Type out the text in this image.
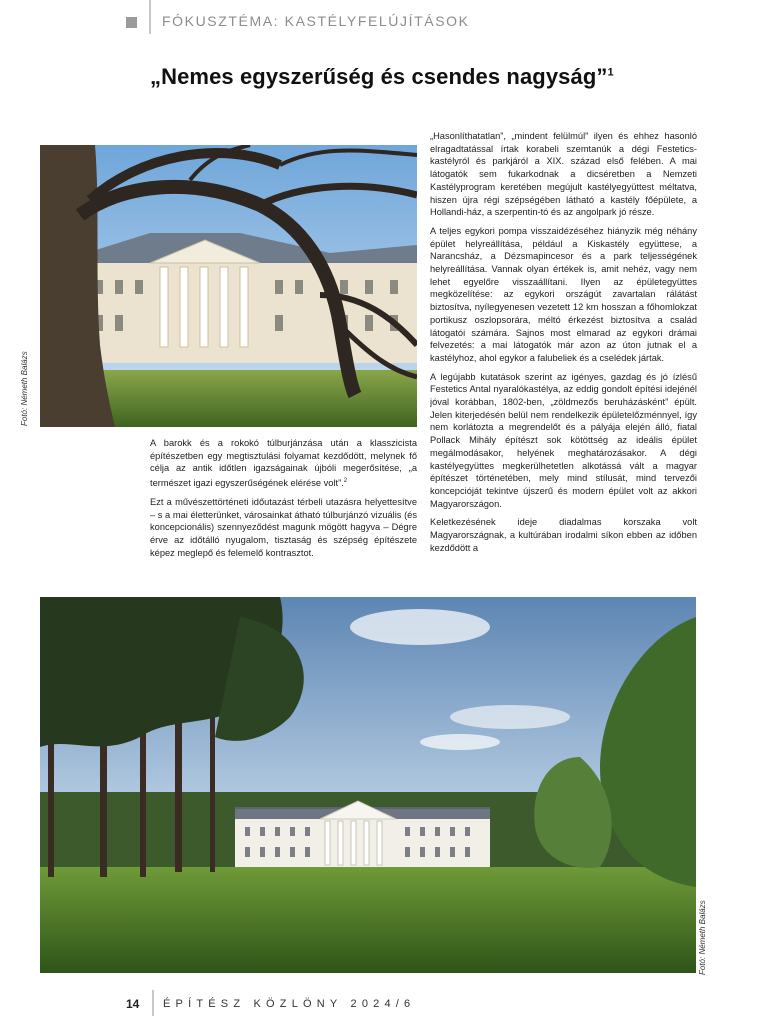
FÓKUSZTÉMA: KASTÉLYFELÚJÍTÁSOK
„Nemes egyszerűség és csendes nagyság”$^1$
Fotó: Németh Balázs

A barokk és a rokokó túlburjánzása után a klasszicista építészetben egy megtisztulási folyamat kezdődött, melynek fő célja az antik időtlen igazságainak újbóli megerősítése, „a természet igazi egyszerűségének elérése volt”.$^2$

Ezt a művészettörténeti időutazást térbeli utazásra helyettesítve – s a mai életterünket, városainkat átható túlburjánzó vizuális (és koncepcionális) szennyeződést magunk mögött hagyva – Dégre érve az időtálló nyugalom, tisztaság és szépség építészete képez meglepő és felemelő kontrasztot.

„Hasonlíthatatlan”, „mindent felülmúl” ilyen és ehhez hasonló elragadtatással írtak korabeli szemtanúk a dégi Festetics-kastélyról és parkjáról a XIX. század első felében. A mai látogatók sem fukarkodnak a dicséretben a Nemzeti Kastélyprogram keretében megújult kastélyegyüttest méltatva, hiszen újra régi szépségében látható a kastély főépülete, a Hollandi-ház, a szerpentin-tó és az angolpark jó része.

A teljes egykori pompa visszaidézéséhez hiányzik még néhány épület helyreállítása, például a Kiskastély együttese, a Narancsház, a Dézsmapincesor és a park teljességének helyreállítása. Vannak olyan értékek is, amit nehéz, vagy nem lehet egyelőre visszaállítani. Ilyen az épületegyüttes megközelítése: az egykori országút zavartalan rálátást biztosítva, nyílegyenesen vezetett 12 km hosszan a főhomlokzat portikusz oszlopsorára, méltó érkezést biztosítva a család látogatói számára. Sajnos most elmarad az egykori drámai felvezetés: a mai látogatók már azon az úton jutnak el a kastélyhoz, ahol egykor a falubeliek és a cselédek jártak.

A legújabb kutatások szerint az igényes, gazdag és jó ízlésű Festetics Antal nyaralókastélya, az eddig gondolt építési idejénél jóval korábban, 1802-ben, „zöldmezős beruházásként” épült. Jelen kiterjedésén belül nem rendelkezik épületelőzménnyel, így nem korlátozta a megrendelőt és a pályája elején álló, fiatal Pollack Mihály építészt sok kötöttség az ideális épület megálmodásakor, helyének meghatározásakor. A dégi kastélyegyüttes megkerülhetetlen alkotássá vált a magyar építészet történetében, mely mind stílusát, mind tervezői koncepcióját tekintve újszerű és modern épület volt az akkori Magyarországon.

Keletkezésének ideje diadalmas korszaka volt Magyarországnak, a kultúrában irodalmi síkon ebben az időben kezdődött a

Fotó: Németh Balázs
14 ÉPÍTÉSZ KÖZLÖNY 2024/6
